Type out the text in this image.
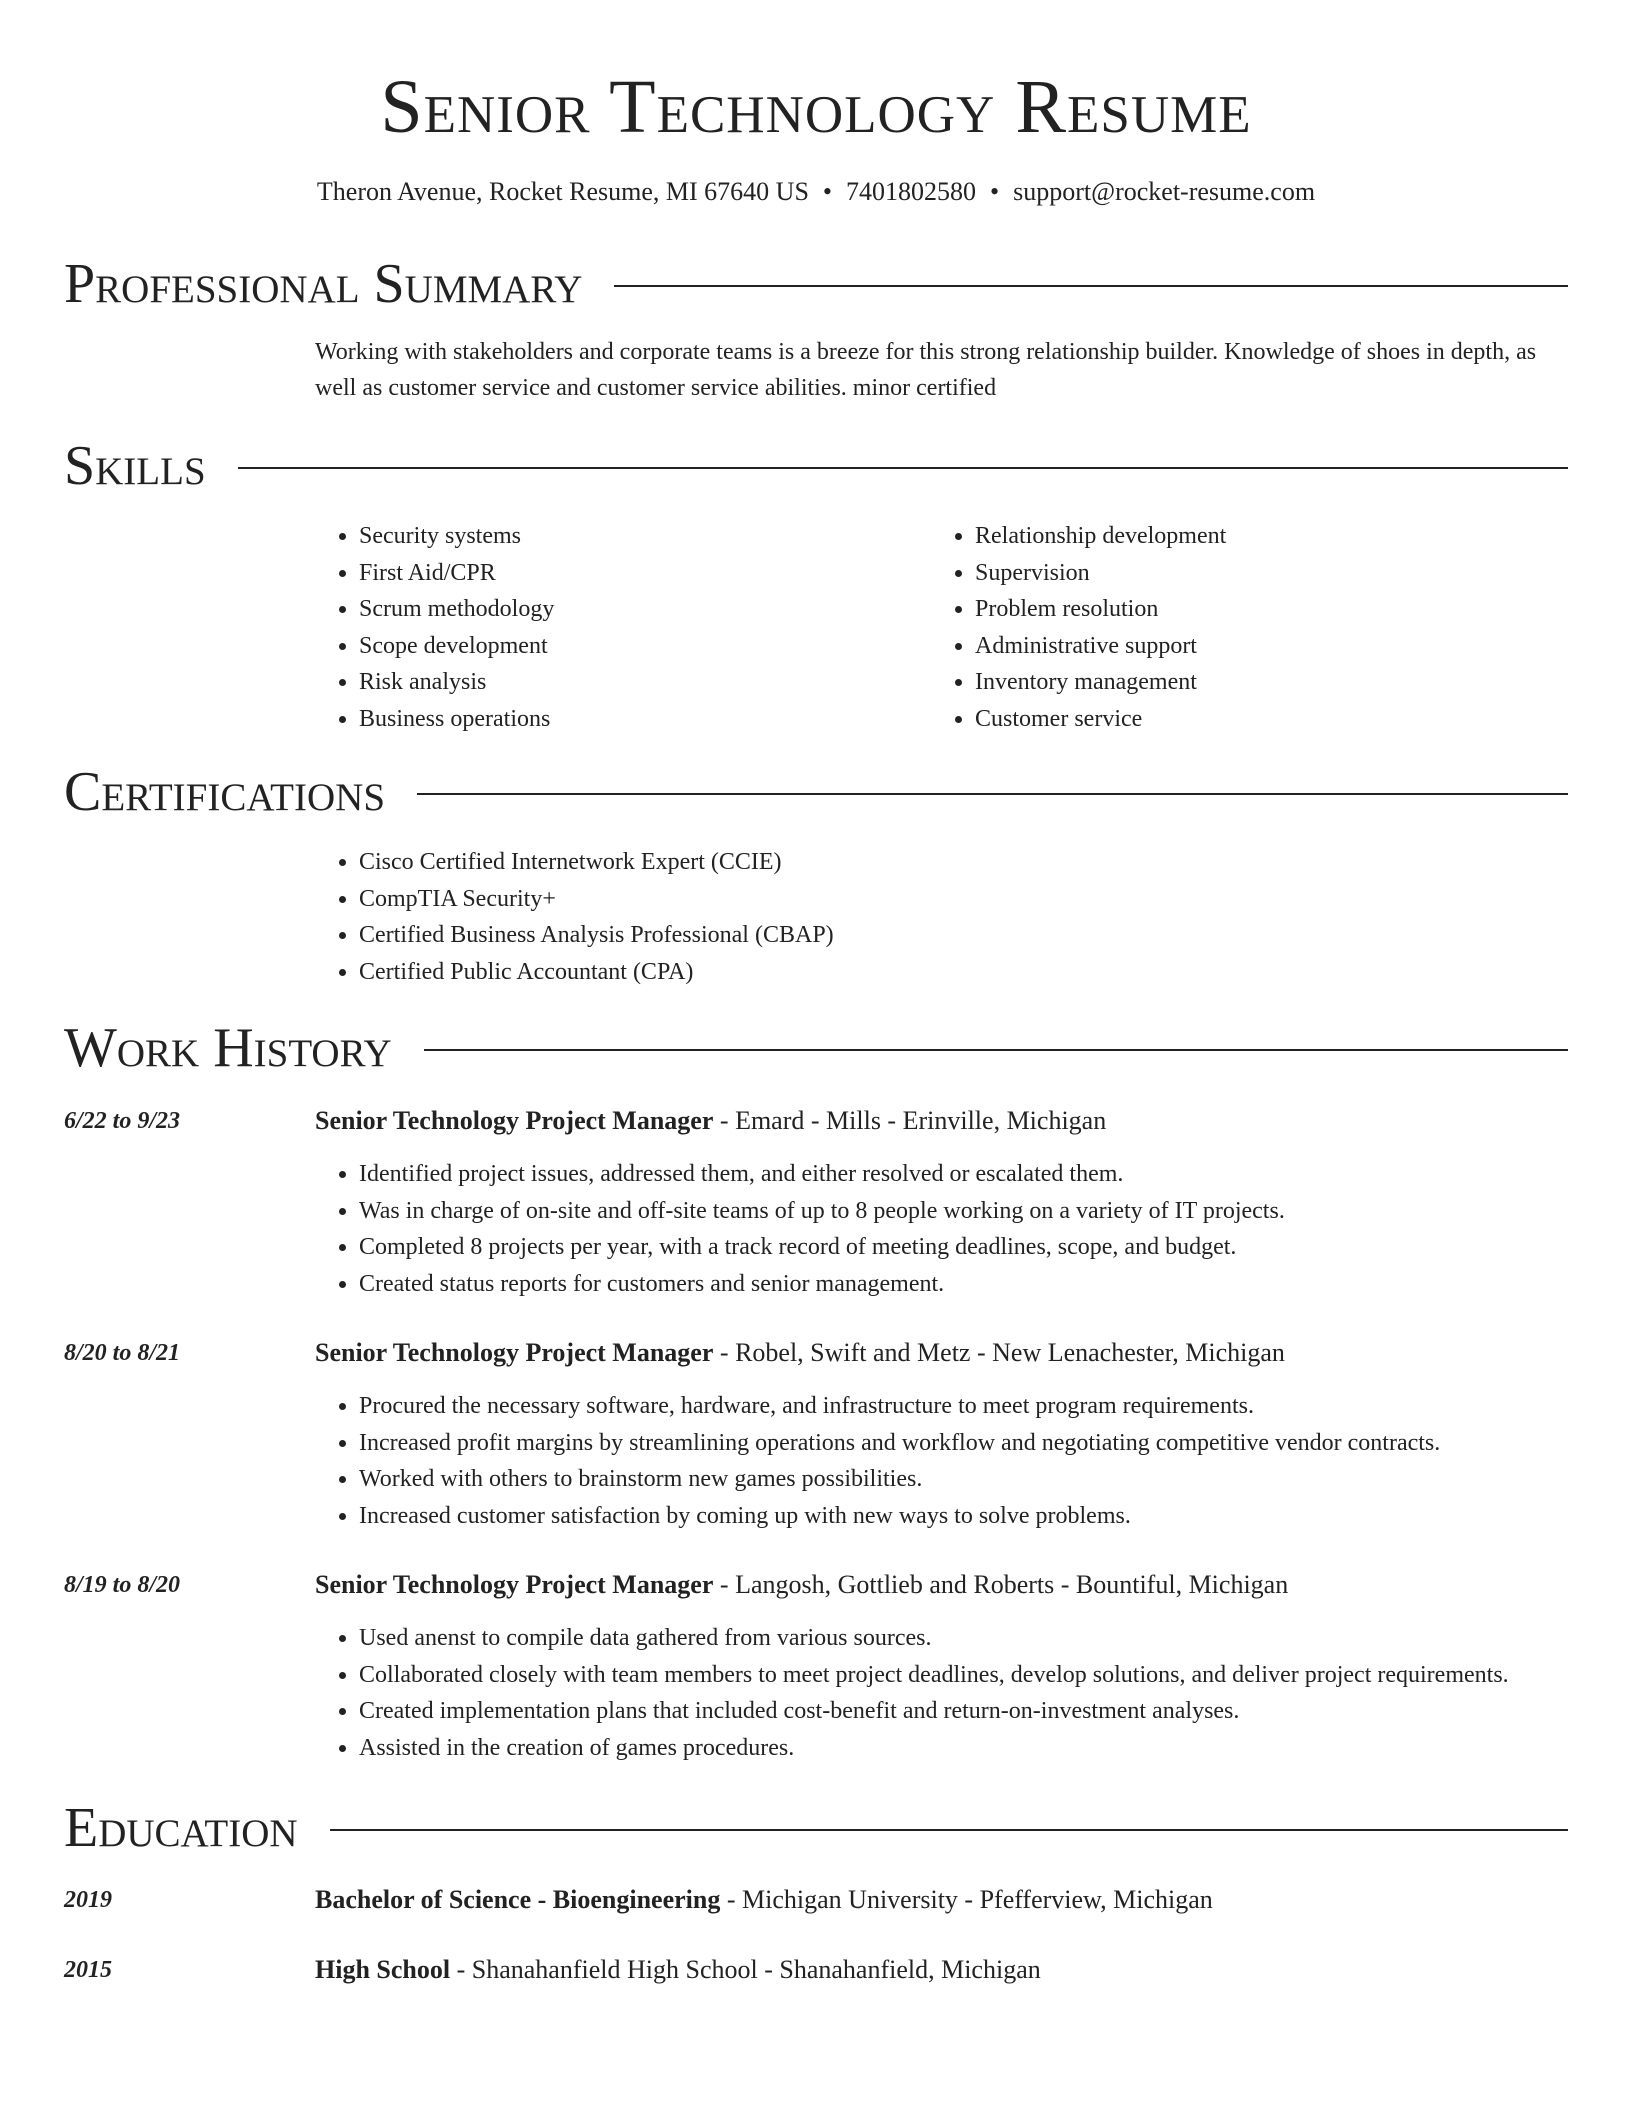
Senior Technology Resume
Theron Avenue, Rocket Resume, MI 67640 US • 7401802580 • support@rocket-resume.com
Professional Summary
Working with stakeholders and corporate teams is a breeze for this strong relationship builder. Knowledge of shoes in depth, as well as customer service and customer service abilities. minor certified
Skills
• Security systems
• First Aid/CPR
• Scrum methodology
• Scope development
• Risk analysis
• Business operations
• Relationship development
• Supervision
• Problem resolution
• Administrative support
• Inventory management
• Customer service
Certifications
• Cisco Certified Internetwork Expert (CCIE)
• CompTIA Security+
• Certified Business Analysis Professional (CBAP)
• Certified Public Accountant (CPA)
Work History
6/22 to 9/23	Senior Technology Project Manager - Emard - Mills - Erinville, Michigan
• Identified project issues, addressed them, and either resolved or escalated them.
• Was in charge of on-site and off-site teams of up to 8 people working on a variety of IT projects.
• Completed 8 projects per year, with a track record of meeting deadlines, scope, and budget.
• Created status reports for customers and senior management.
8/20 to 8/21	Senior Technology Project Manager - Robel, Swift and Metz - New Lenachester, Michigan
• Procured the necessary software, hardware, and infrastructure to meet program requirements.
• Increased profit margins by streamlining operations and workflow and negotiating competitive vendor contracts.
• Worked with others to brainstorm new games possibilities.
• Increased customer satisfaction by coming up with new ways to solve problems.
8/19 to 8/20	Senior Technology Project Manager - Langosh, Gottlieb and Roberts - Bountiful, Michigan
• Used anenst to compile data gathered from various sources.
• Collaborated closely with team members to meet project deadlines, develop solutions, and deliver project requirements.
• Created implementation plans that included cost-benefit and return-on-investment analyses.
• Assisted in the creation of games procedures.
Education
2019	Bachelor of Science - Bioengineering - Michigan University - Pfefferview, Michigan
2015	High School - Shanahanfield High School - Shanahanfield, Michigan
